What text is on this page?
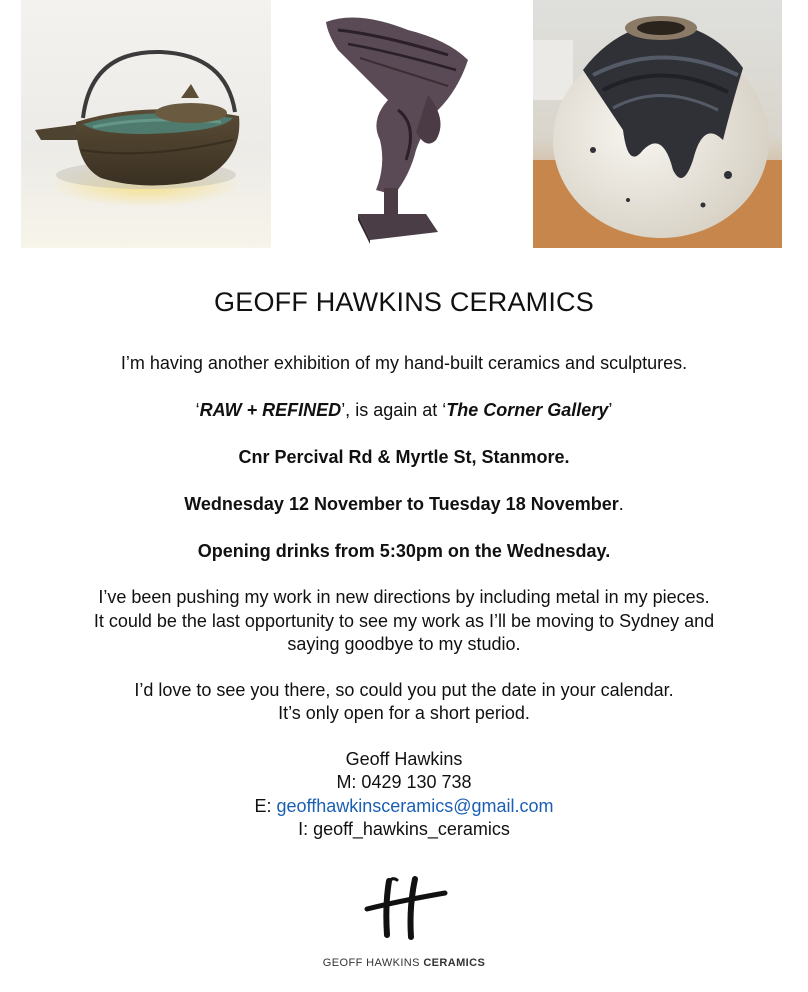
GEOFF HAWKINS CERAMICS

I’m having another exhibition of my hand-built ceramics and sculptures.

‘RAW + REFINED’, is again at ‘The Corner Gallery’

Cnr Percival Rd & Myrtle St, Stanmore.

Wednesday 12 November to Tuesday 18 November.

Opening drinks from 5:30pm on the Wednesday.

I’ve been pushing my work in new directions by including metal in my pieces.

It could be the last opportunity to see my work as I’ll be moving to Sydney and

saying goodbye to my studio.

I’d love to see you there, so could you put the date in your calendar.

It’s only open for a short period.

Geoff Hawkins

M: 0429 130 738

E: geoffhawkinsceramics@gmail.com

I: geoff_hawkins_ceramics

GEOFF HAWKINS CERAMICS
